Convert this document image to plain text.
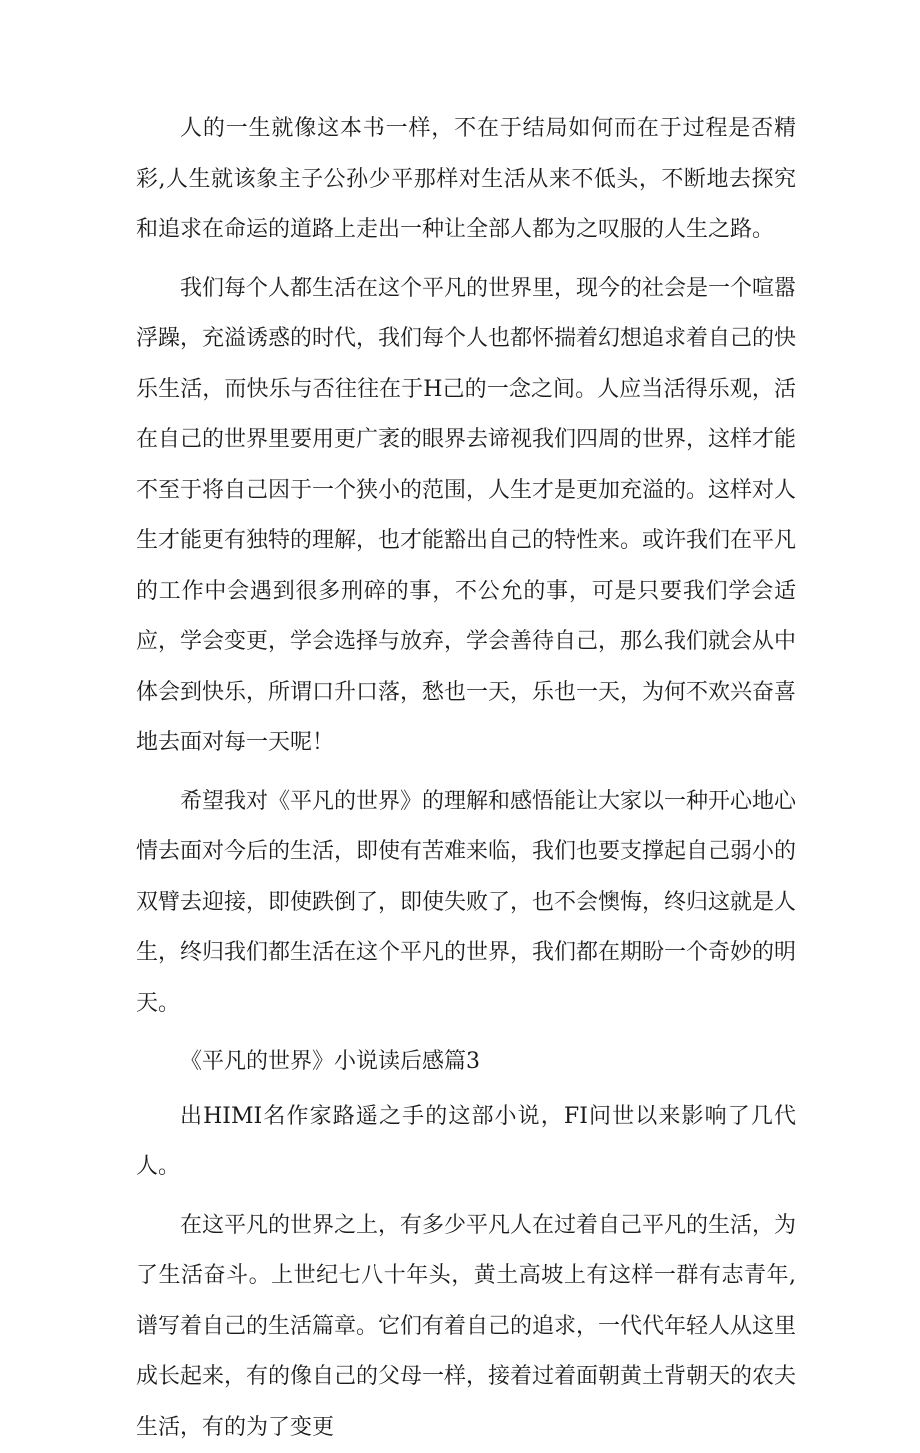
人的一生就像这本书一样，不在于结局如何而在于过程是否精彩,人生就该象主子公孙少平那样对生活从来不低头，不断地去探究和追求在命运的道路上走出一种让全部人都为之叹服的人生之路。

我们每个人都生活在这个平凡的世界里，现今的社会是一个喧嚣浮躁，充溢诱惑的时代，我们每个人也都怀揣着幻想追求着自己的快乐生活，而快乐与否往往在于H己的一念之间。人应当活得乐观，活在自己的世界里要用更广袤的眼界去谛视我们四周的世界，这样才能不至于将自己因于一个狭小的范围，人生才是更加充溢的。这样对人生才能更有独特的理解，也才能豁出自己的特性来。或许我们在平凡的工作中会遇到很多刑碎的事，不公允的事，可是只要我们学会适应，学会变更，学会选择与放弃，学会善待自己，那么我们就会从中体会到快乐，所谓口升口落，愁也一天，乐也一天，为何不欢兴奋喜地去面对每一天呢！

希望我对《平凡的世界》的理解和感悟能让大家以一种开心地心情去面对今后的生活，即使有苦难来临，我们也要支撑起自己弱小的双臂去迎接，即使跌倒了，即使失败了，也不会懊悔，终归这就是人生，终归我们都生活在这个平凡的世界，我们都在期盼一个奇妙的明天。

《平凡的世界》小说读后感篇3

出HIMI名作家路遥之手的这部小说，FI问世以来影响了几代人。

在这平凡的世界之上，有多少平凡人在过着自己平凡的生活，为了生活奋斗。上世纪七八十年头，黄土高坡上有这样一群有志青年,谱写着自己的生活篇章。它们有着自己的追求，一代代年轻人从这里成长起来，有的像自己的父母一样，接着过着面朝黄土背朝天的农夫生活，有的为了变更
